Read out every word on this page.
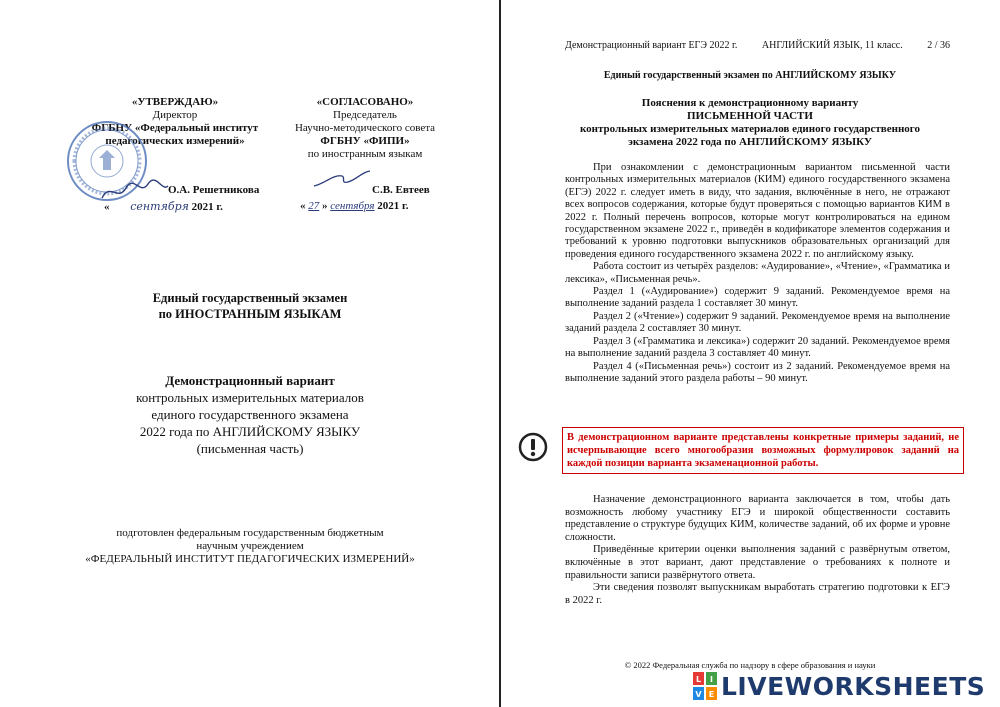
«УТВЕРЖДАЮ»
Директор
ФГБНУ «Федеральный институт
педагогических измерений»
О.А. Решетникова
« сентября 2021 г.
«СОГЛАСОВАНО»
Председатель
Научно-методического совета
ФГБНУ «ФИПИ»
по иностранным языкам
С.В. Евтеев
« 27 » сентября 2021 г.
Единый государственный экзамен
по ИНОСТРАННЫМ ЯЗЫКАМ
Демонстрационный вариант
контрольных измерительных материалов
единого государственного экзамена
2022 года по АНГЛИЙСКОМУ ЯЗЫКУ
(письменная часть)
подготовлен федеральным государственным бюджетным
научным учреждением
«ФЕДЕРАЛЬНЫЙ ИНСТИТУТ ПЕДАГОГИЧЕСКИХ ИЗМЕРЕНИЙ»
Демонстрационный вариант ЕГЭ 2022 г. АНГЛИЙСКИЙ ЯЗЫК, 11 класс. 2 / 36
Единый государственный экзамен по АНГЛИЙСКОМУ ЯЗЫКУ
Пояснения к демонстрационному варианту
ПИСЬМЕННОЙ ЧАСТИ
контрольных измерительных материалов единого государственного
экзамена 2022 года по АНГЛИЙСКОМУ ЯЗЫКУ

При ознакомлении с демонстрационным вариантом письменной части контрольных измерительных материалов (КИМ) единого государственного экзамена (ЕГЭ) 2022 г. следует иметь в виду, что задания, включённые в него, не отражают всех вопросов содержания, которые будут проверяться с помощью вариантов КИМ в 2022 г. Полный перечень вопросов, которые могут контролироваться на едином государственном экзамене 2022 г., приведён в кодификаторе элементов содержания и требований к уровню подготовки выпускников образовательных организаций для проведения единого государственного экзамена 2022 г. по английскому языку.

Работа состоит из четырёх разделов: «Аудирование», «Чтение», «Грамматика и лексика», «Письменная речь».

Раздел 1 («Аудирование») содержит 9 заданий. Рекомендуемое время на выполнение заданий раздела 1 составляет 30 минут.

Раздел 2 («Чтение») содержит 9 заданий. Рекомендуемое время на выполнение заданий раздела 2 составляет 30 минут.

Раздел 3 («Грамматика и лексика») содержит 20 заданий. Рекомендуемое время на выполнение заданий раздела 3 составляет 40 минут.

Раздел 4 («Письменная речь») состоит из 2 заданий. Рекомендуемое время на выполнение заданий этого раздела работы – 90 минут.

В демонстрационном варианте представлены конкретные примеры заданий, не исчерпывающие всего многообразия возможных формулировок заданий на каждой позиции варианта экзаменационной работы.

Назначение демонстрационного варианта заключается в том, чтобы дать возможность любому участнику ЕГЭ и широкой общественности составить представление о структуре будущих КИМ, количестве заданий, об их форме и уровне сложности.

Приведённые критерии оценки выполнения заданий с развёрнутым ответом, включённые в этот вариант, дают представление о требованиях к полноте и правильности записи развёрнутого ответа.

Эти сведения позволят выпускникам выработать стратегию подготовки к ЕГЭ в 2022 г.

© 2022 Федеральная служба по надзору в сфере образования и науки
L I
V E LIVEWORKSHEETS
